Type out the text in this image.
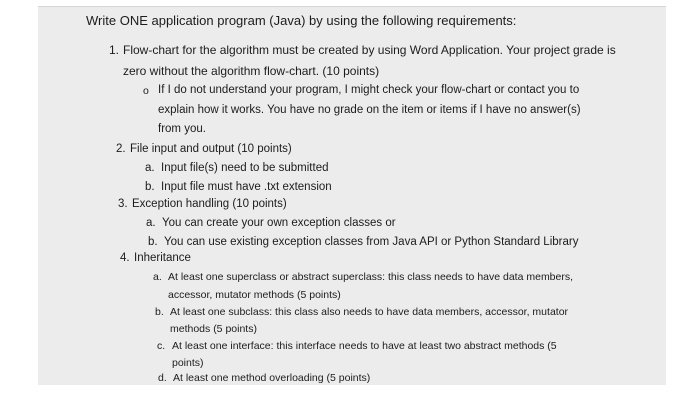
Write ONE application program (Java) by using the following requirements:
1. Flow-chart for the algorithm must be created by using Word Application. Your project grade is
zero without the algorithm flow-chart. (10 points)
o If I do not understand your program, I might check your flow-chart or contact you to
explain how it works. You have no grade on the item or items if I have no answer(s)
from you.
2. File input and output (10 points)
a. Input file(s) need to be submitted
b. Input file must have .txt extension
3. Exception handling (10 points)
a. You can create your own exception classes or
b. You can use existing exception classes from Java API or Python Standard Library
4. Inheritance
a. At least one superclass or abstract superclass: this class needs to have data members,
accessor, mutator methods (5 points)
b. At least one subclass: this class also needs to have data members, accessor, mutator
methods (5 points)
c. At least one interface: this interface needs to have at least two abstract methods (5
points)
d. At least one method overloading (5 points)
